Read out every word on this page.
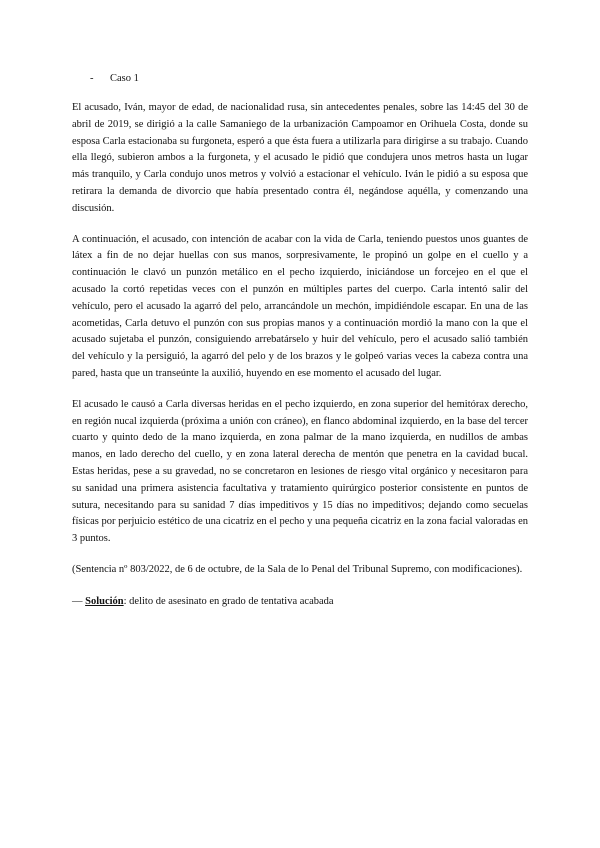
- Caso 1

El acusado, Iván, mayor de edad, de nacionalidad rusa, sin antecedentes penales, sobre las 14:45 del 30 de abril de 2019, se dirigió a la calle Samaniego de la urbanización Campoamor en Orihuela Costa, donde su esposa Carla estacionaba su furgoneta, esperó a que ésta fuera a utilizarla para dirigirse a su trabajo. Cuando ella llegó, subieron ambos a la furgoneta, y el acusado le pidió que condujera unos metros hasta un lugar más tranquilo, y Carla condujo unos metros y volvió a estacionar el vehículo. Iván le pidió a su esposa que retirara la demanda de divorcio que había presentado contra él, negándose aquélla, y comenzando una discusión.

A continuación, el acusado, con intención de acabar con la vida de Carla, teniendo puestos unos guantes de látex a fin de no dejar huellas con sus manos, sorpresivamente, le propinó un golpe en el cuello y a continuación le clavó un punzón metálico en el pecho izquierdo, iniciándose un forcejeo en el que el acusado la cortó repetidas veces con el punzón en múltiples partes del cuerpo. Carla intentó salir del vehículo, pero el acusado la agarró del pelo, arrancándole un mechón, impidiéndole escapar. En una de las acometidas, Carla detuvo el punzón con sus propias manos y a continuación mordió la mano con la que el acusado sujetaba el punzón, consiguiendo arrebatárselo y huir del vehículo, pero el acusado salió también del vehículo y la persiguió, la agarró del pelo y de los brazos y le golpeó varias veces la cabeza contra una pared, hasta que un transeúnte la auxilió, huyendo en ese momento el acusado del lugar.

El acusado le causó a Carla diversas heridas en el pecho izquierdo, en zona superior del hemitórax derecho, en región nucal izquierda (próxima a unión con cráneo), en flanco abdominal izquierdo, en la base del tercer cuarto y quinto dedo de la mano izquierda, en zona palmar de la mano izquierda, en nudillos de ambas manos, en lado derecho del cuello, y en zona lateral derecha de mentón que penetra en la cavidad bucal. Estas heridas, pese a su gravedad, no se concretaron en lesiones de riesgo vital orgánico y necesitaron para su sanidad una primera asistencia facultativa y tratamiento quirúrgico posterior consistente en puntos de sutura, necesitando para su sanidad 7 días impeditivos y 15 días no impeditivos; dejando como secuelas físicas por perjuicio estético de una cicatriz en el pecho y una pequeña cicatriz en la zona facial valoradas en 3 puntos.

(Sentencia nº 803/2022, de 6 de octubre, de la Sala de lo Penal del Tribunal Supremo, con modificaciones).

— Solución: delito de asesinato en grado de tentativa acabada
